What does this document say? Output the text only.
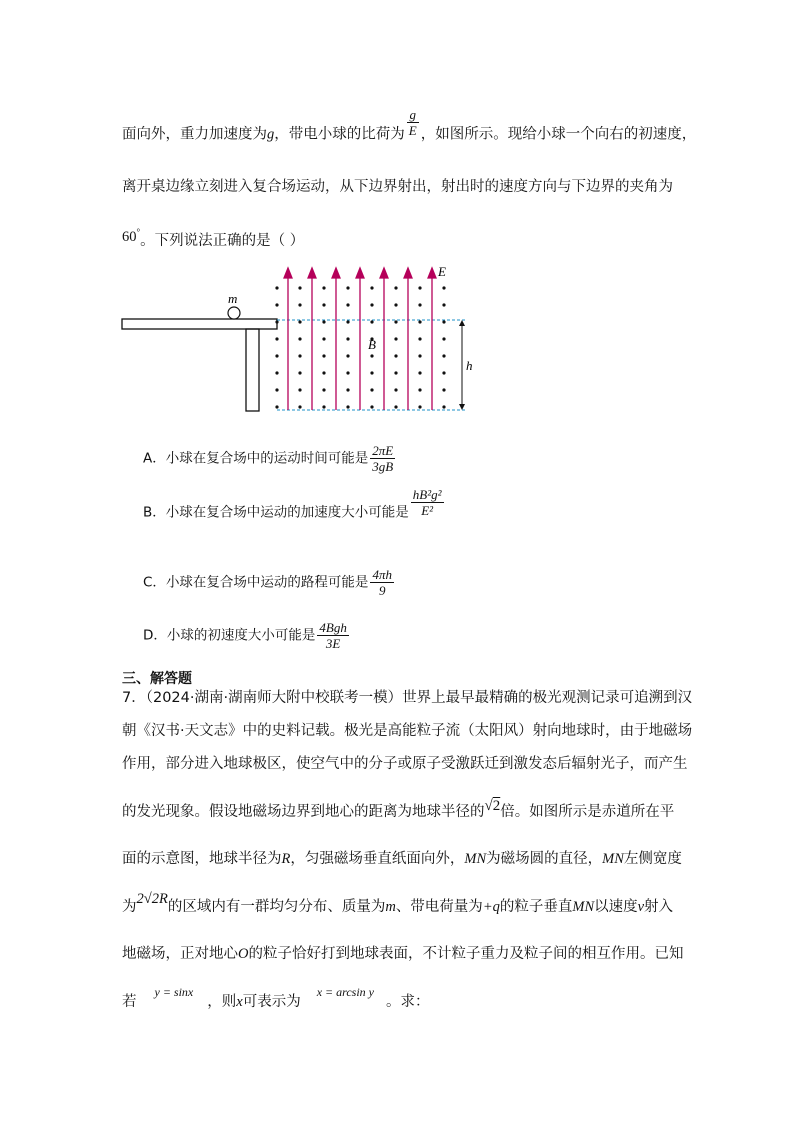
面向外，重力加速度为g，带电小球的比荷为 $\frac{g}{E}$ ，如图所示。现给小球一个向右的初速度，
离开桌边缘立刻进入复合场运动，从下边界射出，射出时的速度方向与下边界的夹角为
60°。下列说法正确的是（ ）
m
E
B
h
A．小球在复合场中的运动时间可能是 $\frac{2\pi E}{3gB}$
B．小球在复合场中运动的加速度大小可能是 $\frac{\text{hB²g²}}{\text{E²}}$
C．小球在复合场中运动的路程可能是 $\frac{4\pi h}{9}$
D．小球的初速度大小可能是 $\frac{\text{4Bgh}}{3E}$
三、解答题
7．（2024·湖南·湖南师大附中校联考一模）世界上最早最精确的极光观测记录可追溯到汉
朝《汉书·天文志》中的史料记载。极光是高能粒子流（太阳风）射向地球时，由于地磁场
作用，部分进入地球极区，使空气中的分子或原子受激跃迁到激发态后辐射光子，而产生
的发光现象。假设地磁场边界到地心的距离为地球半径的√2倍。如图所示是赤道所在平
面的示意图，地球半径为R，匀强磁场垂直纸面向外，MN为磁场圆的直径，MN左侧宽度
为2√2R的区域内有一群均匀分布、质量为m、带电荷量为+q的粒子垂直MN以速度v射入
地磁场，正对地心O的粒子恰好打到地球表面，不计粒子重力及粒子间的相互作用。已知
若$^{y = sinx}$，则x可表示为$^{x = arcsin y}$。求：
